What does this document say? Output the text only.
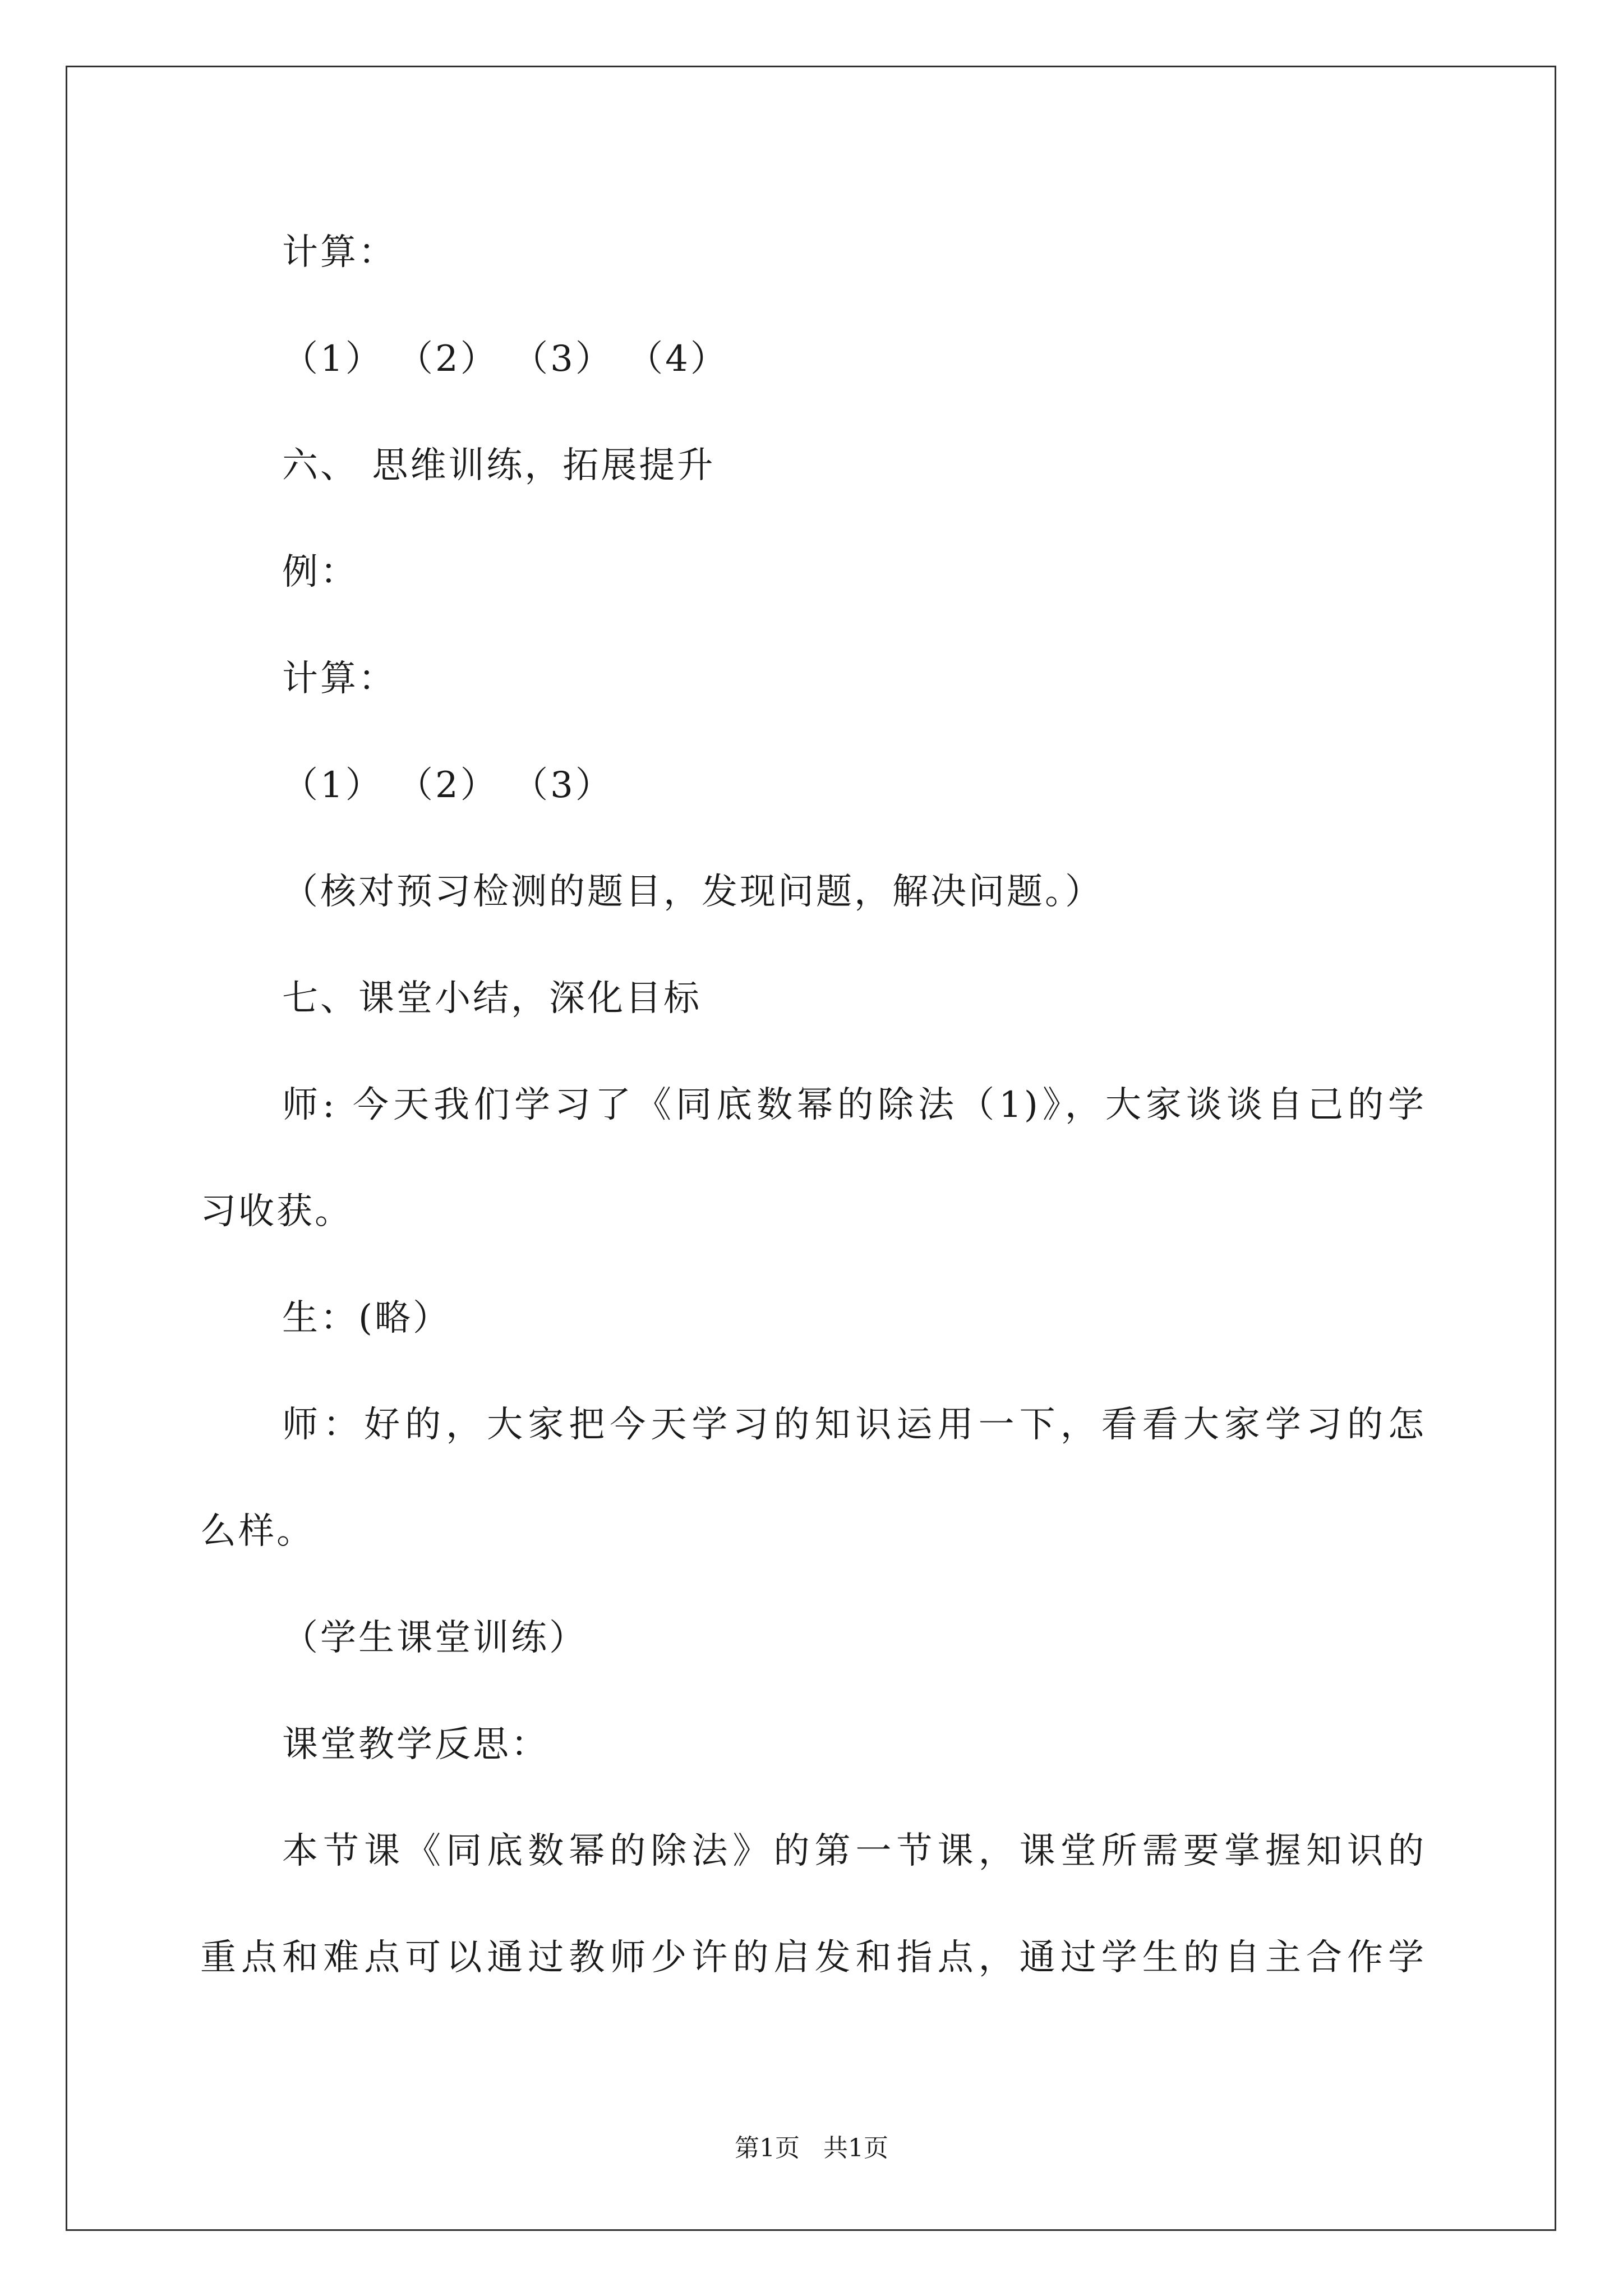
计算：
（1） （2） （3） （4）
六、 思维训练，拓展提升
例：
计算：
（1） （2） （3）
（核对预习检测的题目，发现问题，解决问题。）
七、课堂小结，深化目标
师: 今天我们学习了《同底数幂的除法（1)》，大家谈谈自己的学
习收获。
生：(略）
师：好的，大家把今天学习的知识运用一下，看看大家学习的怎
么样。
（学生课堂训练）
课堂教学反思：
本节课《同底数幂的除法》的第一节课，课堂所需要掌握知识的
重点和难点可以通过教师少许的启发和指点，通过学生的自主合作学
第1页   共1页
